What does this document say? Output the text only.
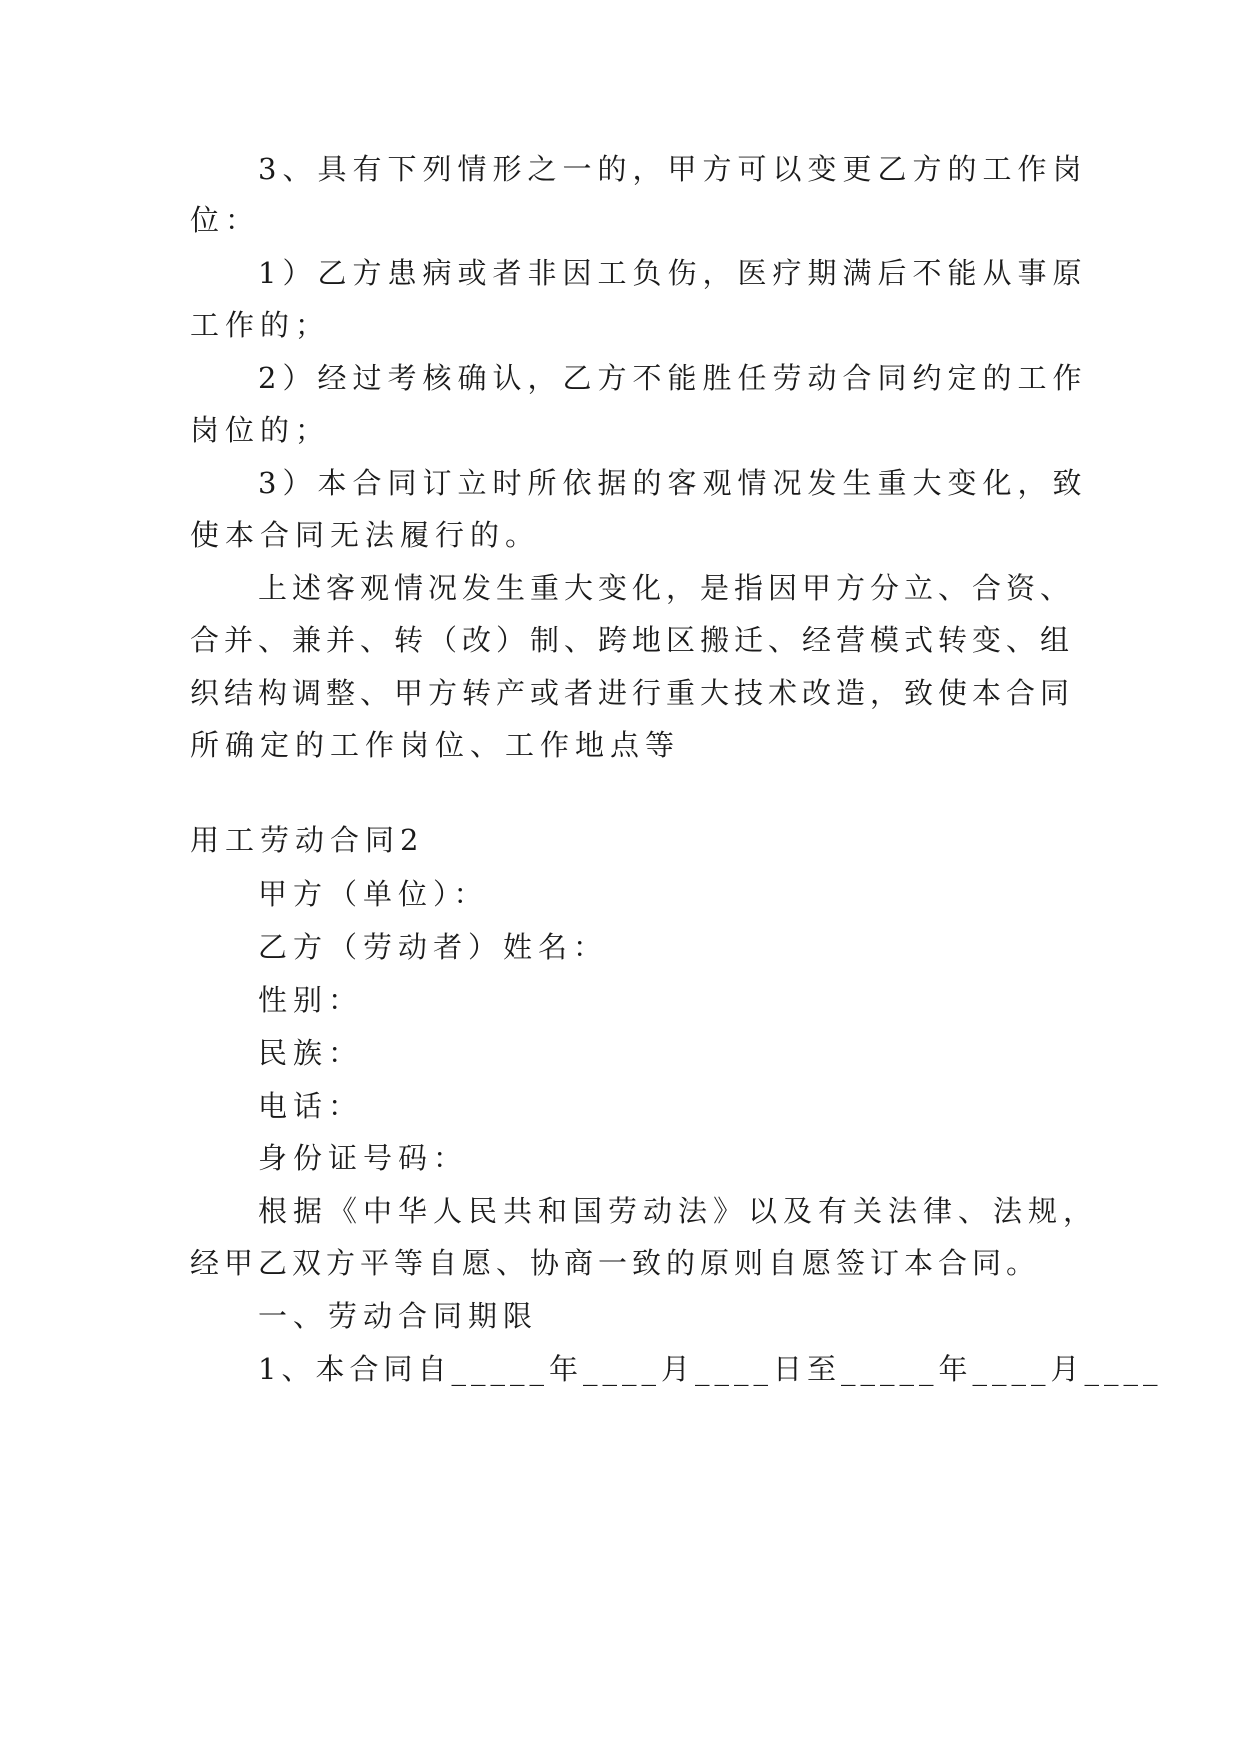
3、具有下列情形之一的，甲方可以变更乙方的工作岗
位：
1）乙方患病或者非因工负伤，医疗期满后不能从事原
工作的；
2）经过考核确认，乙方不能胜任劳动合同约定的工作
岗位的；
3）本合同订立时所依据的客观情况发生重大变化，致
使本合同无法履行的。
上述客观情况发生重大变化，是指因甲方分立、合资、
合并、兼并、转（改）制、跨地区搬迁、经营模式转变、组
织结构调整、甲方转产或者进行重大技术改造，致使本合同
所确定的工作岗位、工作地点等
用工劳动合同2
甲方（单位）：
乙方（劳动者）姓名：
性别：
民族：
电话：
身份证号码：
根据《中华人民共和国劳动法》以及有关法律、法规，
经甲乙双方平等自愿、协商一致的原则自愿签订本合同。
一、劳动合同期限
1、本合同自_____年____月____日至_____年____月____
